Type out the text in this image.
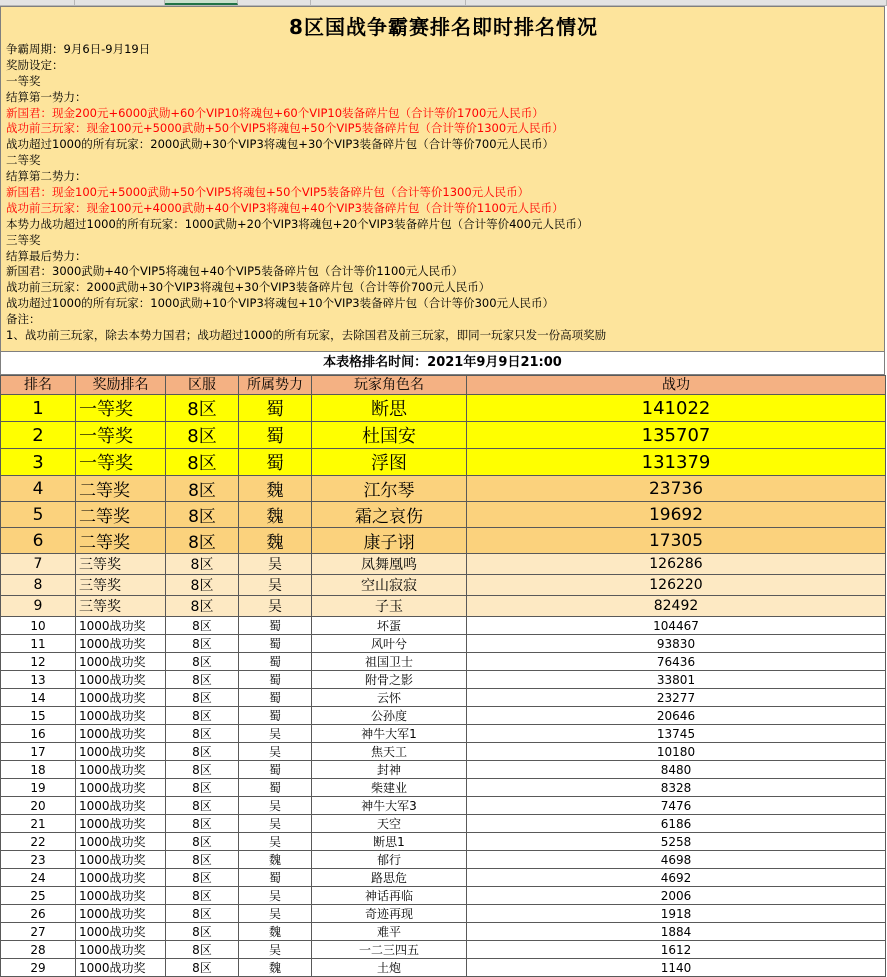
8区国战争霸赛排名即时排名情况
争霸周期：9月6日-9月19日
奖励设定：
一等奖
结算第一势力：
新国君：现金200元+6000武勋+60个VIP10将魂包+60个VIP10装备碎片包（合计等价1700元人民币）
战功前三玩家：现金100元+5000武勋+50个VIP5将魂包+50个VIP5装备碎片包（合计等价1300元人民币）
战功超过1000的所有玩家：2000武勋+30个VIP3将魂包+30个VIP3装备碎片包（合计等价700元人民币）
二等奖
结算第二势力：
新国君：现金100元+5000武勋+50个VIP5将魂包+50个VIP5装备碎片包（合计等价1300元人民币）
战功前三玩家：现金100元+4000武勋+40个VIP3将魂包+40个VIP3装备碎片包（合计等价1100元人民币）
本势力战功超过1000的所有玩家：1000武勋+20个VIP3将魂包+20个VIP3装备碎片包（合计等价400元人民币）
三等奖
结算最后势力：
新国君：3000武勋+40个VIP5将魂包+40个VIP5装备碎片包（合计等价1100元人民币）
战功前三玩家：2000武勋+30个VIP3将魂包+30个VIP3装备碎片包（合计等价700元人民币）
战功超过1000的所有玩家：1000武勋+10个VIP3将魂包+10个VIP3装备碎片包（合计等价300元人民币）
备注：
1、战功前三玩家，除去本势力国君；战功超过1000的所有玩家，去除国君及前三玩家，即同一玩家只发一份高项奖励
本表格排名时间：2021年9月9日21:00
排名	奖励排名	区服	所属势力	玩家角色名	战功
1	一等奖	8区	蜀	断思	141022
2	一等奖	8区	蜀	杜国安	135707
3	一等奖	8区	蜀	浮图	131379
4	二等奖	8区	魏	江尔琴	23736
5	二等奖	8区	魏	霜之哀伤	19692
6	二等奖	8区	魏	康子诩	17305
7	三等奖	8区	吴	凤舞凰鸣	126286
8	三等奖	8区	吴	空山寂寂	126220
9	三等奖	8区	吴	子玉	82492
10	1000战功奖	8区	蜀	坏蛋	104467
11	1000战功奖	8区	蜀	风叶兮	93830
12	1000战功奖	8区	蜀	祖国卫士	76436
13	1000战功奖	8区	蜀	附骨之影	33801
14	1000战功奖	8区	蜀	云怀	23277
15	1000战功奖	8区	蜀	公孙度	20646
16	1000战功奖	8区	吴	神牛大军1	13745
17	1000战功奖	8区	吴	焦天工	10180
18	1000战功奖	8区	蜀	封神	8480
19	1000战功奖	8区	蜀	柴建业	8328
20	1000战功奖	8区	吴	神牛大军3	7476
21	1000战功奖	8区	吴	天空	6186
22	1000战功奖	8区	吴	断思1	5258
23	1000战功奖	8区	魏	郁行	4698
24	1000战功奖	8区	蜀	路思危	4692
25	1000战功奖	8区	吴	神话再临	2006
26	1000战功奖	8区	吴	奇迹再现	1918
27	1000战功奖	8区	魏	难平	1884
28	1000战功奖	8区	吴	一二三四五	1612
29	1000战功奖	8区	魏	土炮	1140
